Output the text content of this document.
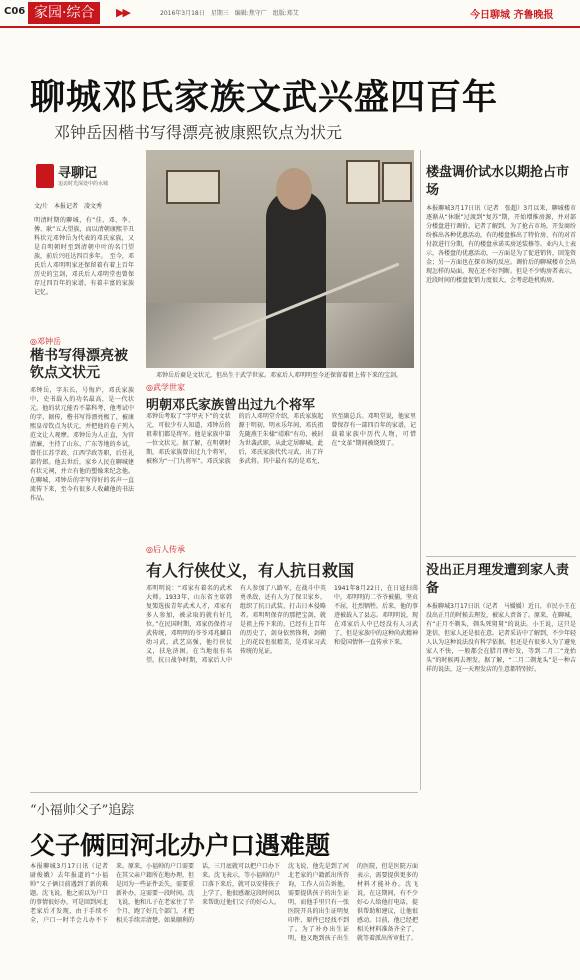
C06 家园·综合	▶▶	2016年3月18日　星期三　编辑:焦守广　组版:郑艾	今日聊城 齐鲁晚报
聊城邓氏家族文武兴盛四百年
邓钟岳因楷书写得漂亮被康熙钦点为状元
寻聊记
追访时光深处中的水城
文/片　本报记者　凌文秀
明清时期的聊城，有“佳、邓、李、傅、耿”五大望族，而以清朝康熙辛丑科状元邓钟岳为代表的邓氏家族，又是自明朝时至到清朝中叶的名门望族，前后兴旺达四百多年。　至今，邓氏后人邓明明家还保留着有着上百年历史的宝剑，邓氏后人邓明堂也曾保存过四百年的家谱，有着丰富的家族记忆。
邓钟岳后裔是文状元，但出生于武学世家。邓家后人邓明明至今还保留着祖上传下来的宝剑。
◎邓钟岳
楷书写得漂亮被钦点文状元
邓钟岳，字东长，号悔庐，邓氏家族中，史书载入的功名最高，是一代状元。他的状元能否不靠科考，他考试中的字，据传，楷书写得漂亮极了，被康熙皇帝钦点为状元，并把他的卷子列入范文让人观摩。邓钟岳为人正直，为官清廉，主持了山东、广东等地的乡试，曾任江苏学政、江西学政等职，后任礼部侍郎。他去世后，家乡人民在聊城建有状元祠，并立有他的塑像来纪念他。在聊城，邓钟岳的字写得好的名声一直流传下来，至今有很多人收藏他的书法作品。
◎武学世家
明朝邓氏家族曾出过九个将军
邓钟岳考取了“字甲天下”的文状元，可很少有人知道，邓钟岳的祖辈们都是将军。他是家族中第一位文状元。据了解，在明朝时期，邓氏家族曾出过九个将军，被称为“一门九将军”。邓氏家族的后人邓明堂介绍，邓氏家族起源于明初，明永乐年间，邓氏祖先随燕王朱棣“靖难”有功，被封为世袭武职，从此定居聊城。此后，邓氏家族代代习武，出了许多武将。其中最有名的是邓允，官至副总兵。邓明堂说，他家里曾保存有一部四百年的家谱，记载着家族中历代人物，可惜在“文革”期间被烧毁了。
◎后人传承
有人行侠仗义，有人抗日救国
邓明明说：“邓家有着名的武术大师。1933年，山东省主席韩复榘选拔青年武术人才，邓家有多人参加，被录取的就有好几位。”在民国时期，邓家仍保持习武传统，邓明明的爷爷邓兆麟自幼习武，武艺高强，他行侠仗义，扶危济困，在当地很有名望。抗日战争时期，邓家后人中有人参加了八路军，在战斗中英勇杀敌，还有人为了保卫家乡，组织了抗日武装，打击日本侵略者。邓明明保存的那把宝剑，就是祖上传下来的，已经有上百年的历史了，剑身依然锋利，剑鞘上的花纹也很精美，是邓家习武传统的见证。
1941年8月22日，在日寇扫荡中，邓明明的二爷爷被捕，坚贞不屈，壮烈牺牲。后来，他的事迹被载入了县志。邓明明说，现在邓家后人中已经没有人习武了，但是家族中的这种尚武精神和爱国情怀一直传承下来。
楼盘调价试水以期抢占市场
本报聊城3月17日讯（记者　张超）3月以来，聊城楼市逐渐从“休眠”过渡到“复苏”期，开始增推房源，并对部分楼盘进行调价。记者了解到，为了抢占市场，开发商纷纷推出各种优惠活动，有的楼盘推出了特价房、有的对首付款进行分期，有的楼盘承诺买房送装修等。业内人士表示，各楼盘的优惠活动，一方面是为了促进销售，回笼资金；另一方面也在探市场的反应。调价后的聊城楼市会出现怎样的局面，现在还不好判断。但是不少购房者表示，近段时间的楼盘促销力度很大，会考虑趁机购房。
没出正月理发遭到家人责备
本报聊城3月17日讯（记者　马媛媛）近日，市民小王在没出正月的时候去理发，被家人责备了。原来，在聊城，有“正月不剃头，剃头死舅舅”的说法。小王说，这只是迷信，但家人还是很在意。记者采访中了解到，不少年轻人认为这种说法没有科学依据，但还是有很多人为了避免家人不快，一般都会在腊月理好发，等到二月二“龙抬头”的时候再去理发。据了解，“二月二剃龙头”是一种吉祥的说法，这一天理发店的生意都特别好。
“小福帅父子”追踪
父子俩回河北办户口遇难题
本报聊城3月17日讯（记者　尉俊娥）去年报道的“小福帅”父子俩目前遇到了新的难题。沈飞说，他之前以为户口的事情很好办，可是回到河北老家后才发现，由于手续不全，户口一时半会儿办不下来。原来，小福帅的户口需要在其父亲户籍所在地办理，但是因为一些证件丢失，需要重新补办，这需要一段时间。沈飞说，他和儿子在老家住了半个月，跑了好几个部门，才把相关手续弄清楚。如果顺利的话，三月底就可以把户口办下来。沈飞表示，等小福帅的户口落下来后，就可以安排孩子上学了，他很感谢这段时间以来帮助过他们父子的好心人。
沈飞说，他先是到了河北老家的户籍派出所咨询，工作人员告诉他，需要提供孩子的出生证明，而他手里只有一张医院开具的出生证明复印件，原件已经找不到了。为了补办出生证明，他又跑到孩子出生的医院，但是医院方面表示，需要提供更多的材料才能补办。沈飞说，在这期间，有不少好心人给他打电话，提供帮助和建议，让他很感动。目前，他已经把相关材料准备齐全了，就等着派出所审批了。
